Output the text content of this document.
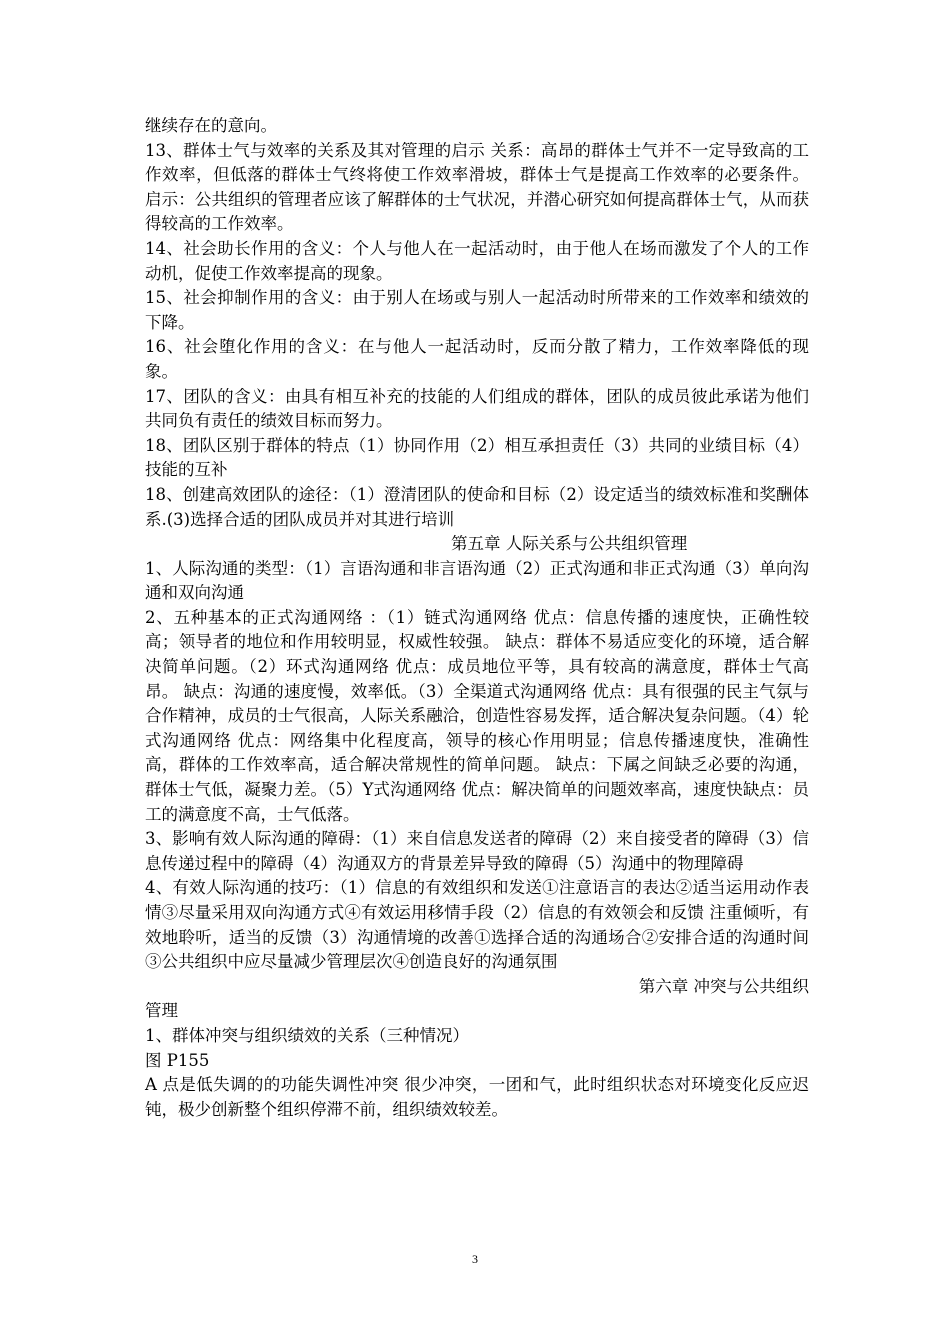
继续存在的意向。

13、群体士气与效率的关系及其对管理的启示 关系：高昂的群体士气并不一定导致高的工作效率，但低落的群体士气终将使工作效率滑坡，群体士气是提高工作效率的必要条件。 启示：公共组织的管理者应该了解群体的士气状况，并潜心研究如何提高群体士气，从而获得较高的工作效率。

14、社会助长作用的含义：个人与他人在一起活动时，由于他人在场而激发了个人的工作动机，促使工作效率提高的现象。

15、社会抑制作用的含义：由于别人在场或与别人一起活动时所带来的工作效率和绩效的下降。

16、社会堕化作用的含义：在与他人一起活动时，反而分散了精力，工作效率降低的现象。

17、团队的含义：由具有相互补充的技能的人们组成的群体，团队的成员彼此承诺为他们共同负有责任的绩效目标而努力。

18、团队区别于群体的特点（1）协同作用（2）相互承担责任（3）共同的业绩目标（4）技能的互补

18、创建高效团队的途径：（1）澄清团队的使命和目标（2）设定适当的绩效标准和奖酬体系.(3)选择合适的团队成员并对其进行培训

第五章 人际关系与公共组织管理

1、人际沟通的类型：（1）言语沟通和非言语沟通（2）正式沟通和非正式沟通（3）单向沟通和双向沟通

2、五种基本的正式沟通网络 ：（1）链式沟通网络 优点：信息传播的速度快，正确性较高；领导者的地位和作用较明显，权威性较强。 缺点：群体不易适应变化的环境，适合解决简单问题。（2）环式沟通网络 优点：成员地位平等，具有较高的满意度，群体士气高昂。 缺点：沟通的速度慢，效率低。（3）全渠道式沟通网络 优点：具有很强的民主气氛与合作精神，成员的士气很高，人际关系融洽，创造性容易发挥，适合解决复杂问题。（4）轮式沟通网络 优点：网络集中化程度高，领导的核心作用明显；信息传播速度快，准确性高，群体的工作效率高，适合解决常规性的简单问题。 缺点：下属之间缺乏必要的沟通，群体士气低，凝聚力差。（5）Y式沟通网络 优点：解决简单的问题效率高，速度快缺点：员工的满意度不高，士气低落。

3、影响有效人际沟通的障碍：（1）来自信息发送者的障碍（2）来自接受者的障碍（3）信息传递过程中的障碍（4）沟通双方的背景差异导致的障碍（5）沟通中的物理障碍

4、有效人际沟通的技巧：（1）信息的有效组织和发送①注意语言的表达②适当运用动作表情③尽量采用双向沟通方式④有效运用移情手段（2）信息的有效领会和反馈 注重倾听，有效地聆听，适当的反馈（3）沟通情境的改善①选择合适的沟通场合②安排合适的沟通时间③公共组织中应尽量减少管理层次④创造良好的沟通氛围

第六章 冲突与公共组织

管理

1、群体冲突与组织绩效的关系（三种情况）

图 P155

A 点是低失调的的功能失调性冲突 很少冲突，一团和气，此时组织状态对环境变化反应迟钝，极少创新整个组织停滞不前，组织绩效较差。

3
